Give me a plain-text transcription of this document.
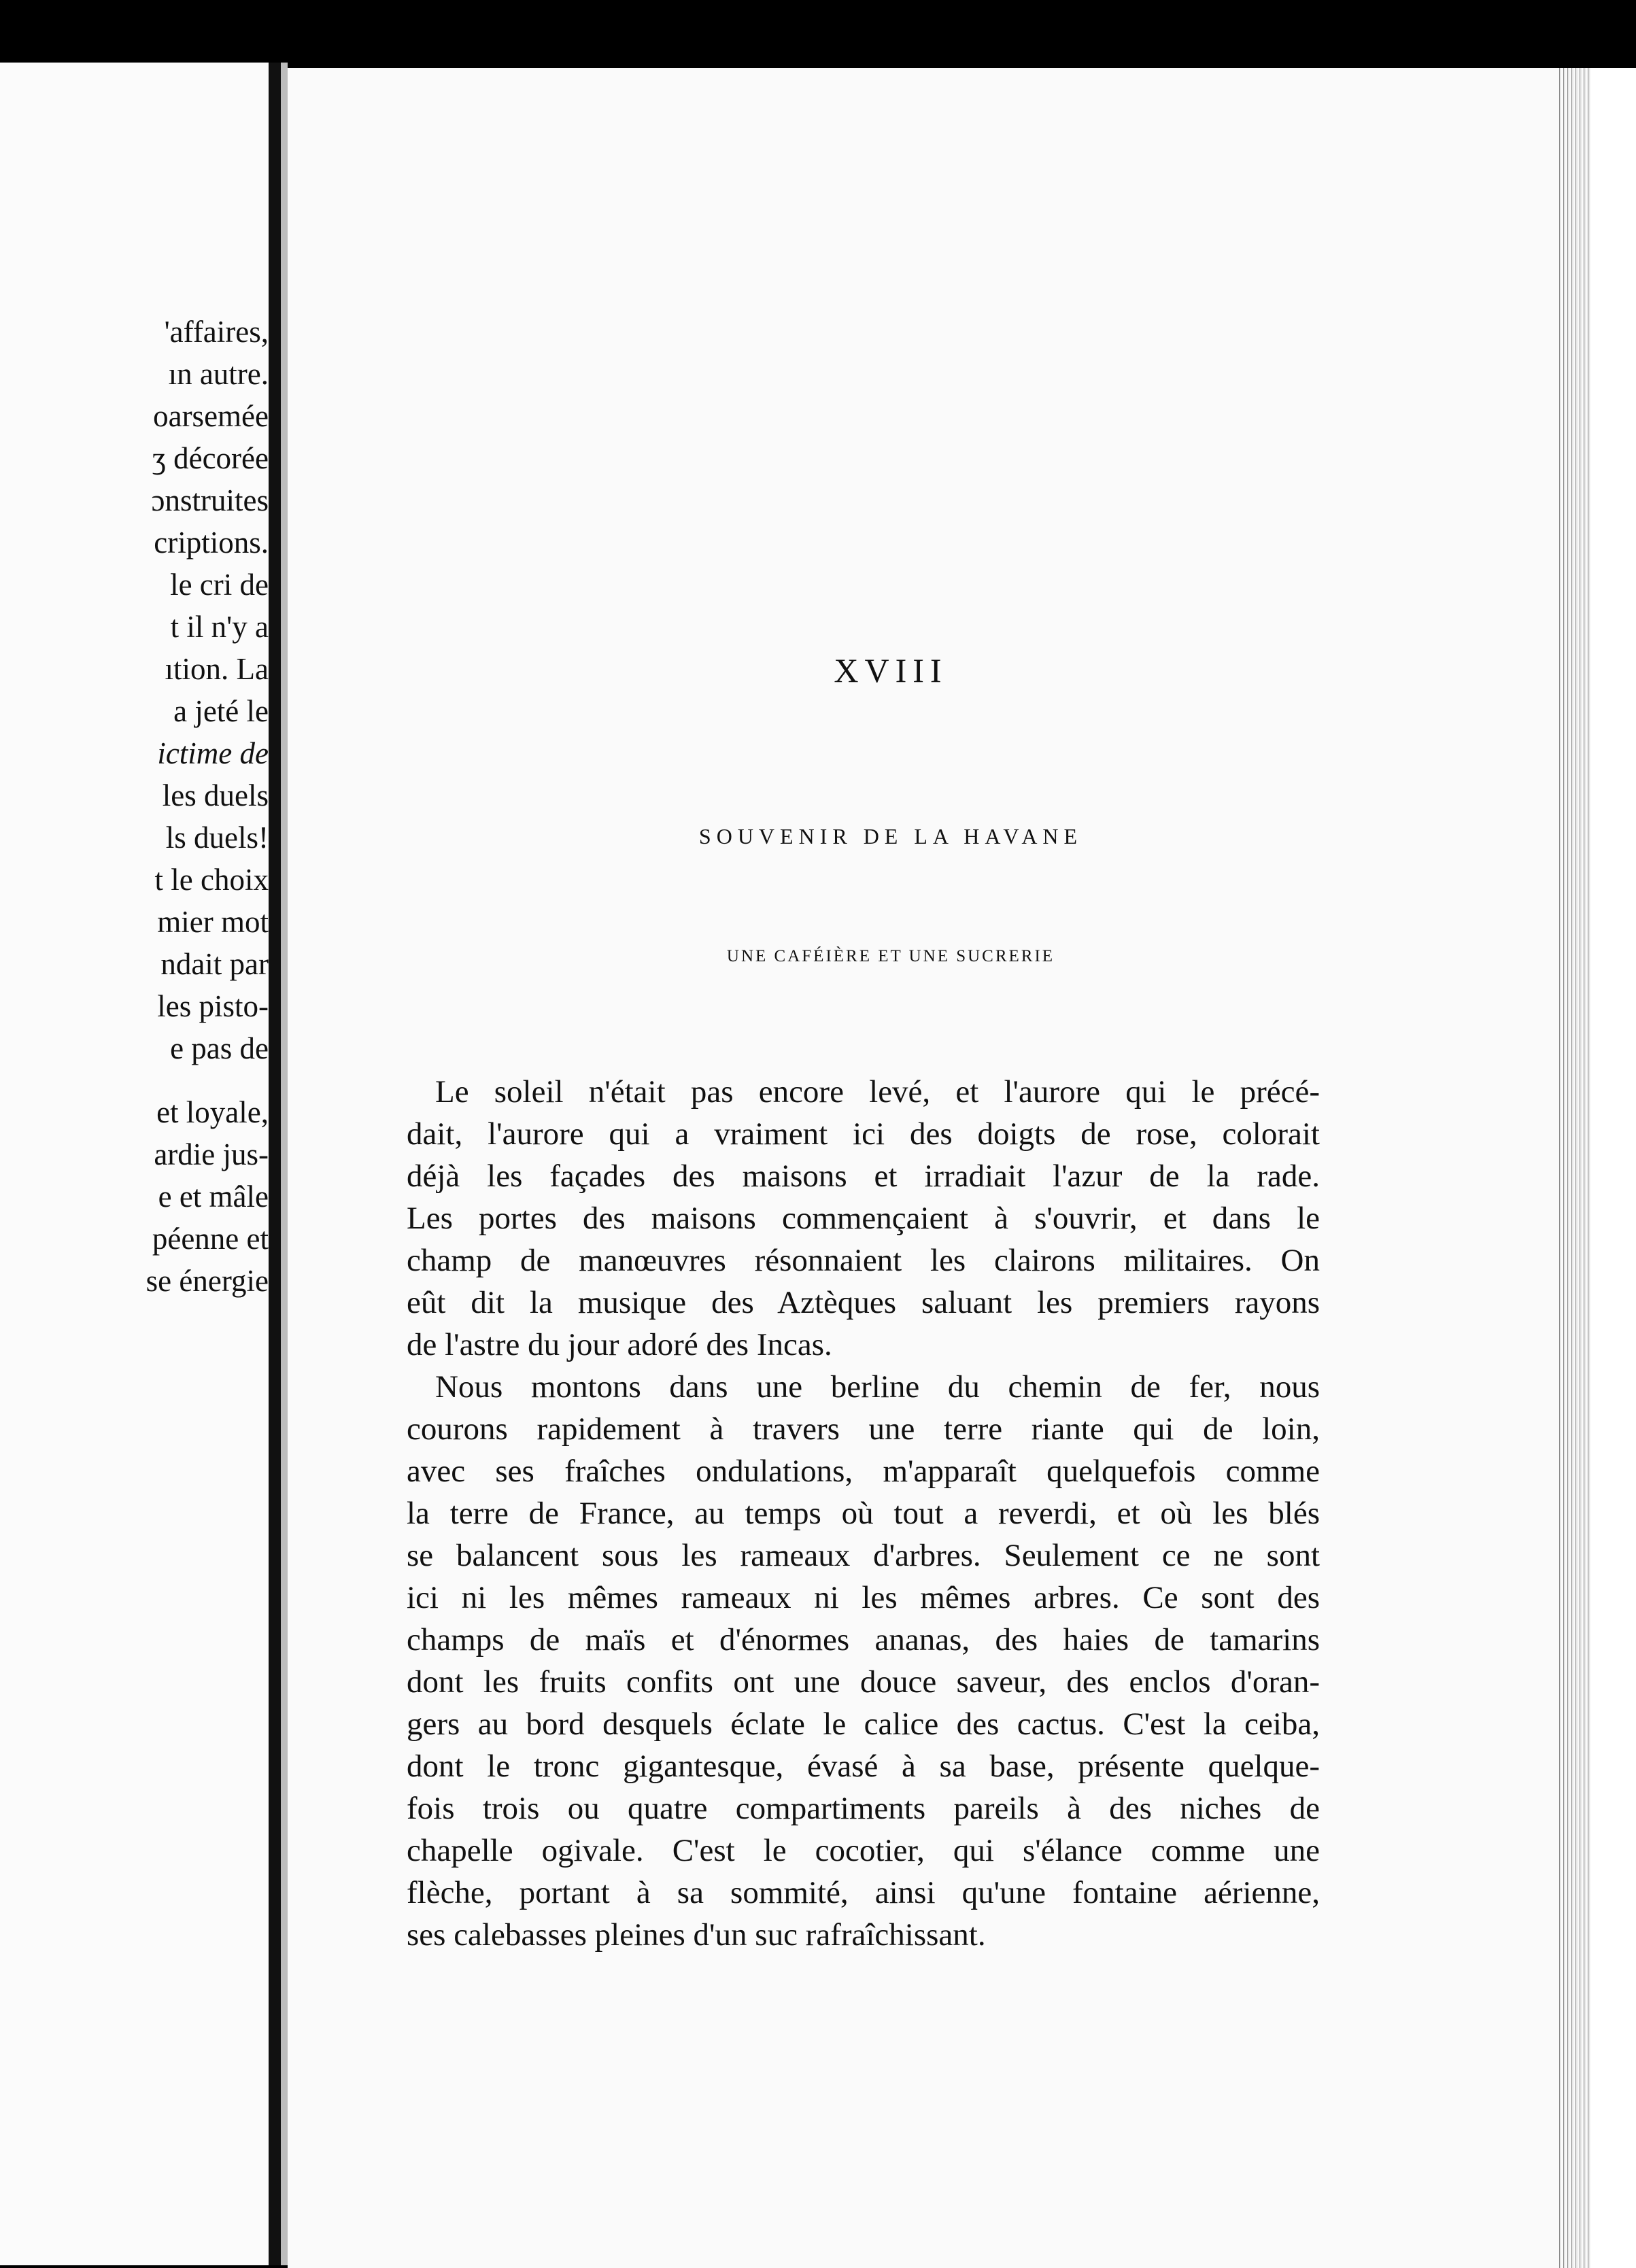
'affaires,
ın autre.
oarsemée
ʒ décorée
ɔnstruites
criptions.
le cri de
t il n'y a
ıtion. La
a jeté le
ictime de
les duels
ls duels!
t le choix
mier mot
ndait par
les pisto-
e pas de
et loyale,
ardie jus-
e et mâle
péenne et
se énergie
XVIII
SOUVENIR DE LA HAVANE
UNE CAFÉIÈRE ET UNE SUCRERIE
Le soleil n'était pas encore levé, et l'aurore qui le précé-
dait, l'aurore qui a vraiment ici des doigts de rose, colorait
déjà les façades des maisons et irradiait l'azur de la rade.
Les portes des maisons commençaient à s'ouvrir, et dans le
champ de manœuvres résonnaient les clairons militaires. On
eût dit la musique des Aztèques saluant les premiers rayons
de l'astre du jour adoré des Incas.
Nous montons dans une berline du chemin de fer, nous
courons rapidement à travers une terre riante qui de loin,
avec ses fraîches ondulations, m'apparaît quelquefois comme
la terre de France, au temps où tout a reverdi, et où les blés
se balancent sous les rameaux d'arbres. Seulement ce ne sont
ici ni les mêmes rameaux ni les mêmes arbres. Ce sont des
champs de maïs et d'énormes ananas, des haies de tamarins
dont les fruits confits ont une douce saveur, des enclos d'oran-
gers au bord desquels éclate le calice des cactus. C'est la ceiba,
dont le tronc gigantesque, évasé à sa base, présente quelque-
fois trois ou quatre compartiments pareils à des niches de
chapelle ogivale. C'est le cocotier, qui s'élance comme une
flèche, portant à sa sommité, ainsi qu'une fontaine aérienne,
ses calebasses pleines d'un suc rafraîchissant.
